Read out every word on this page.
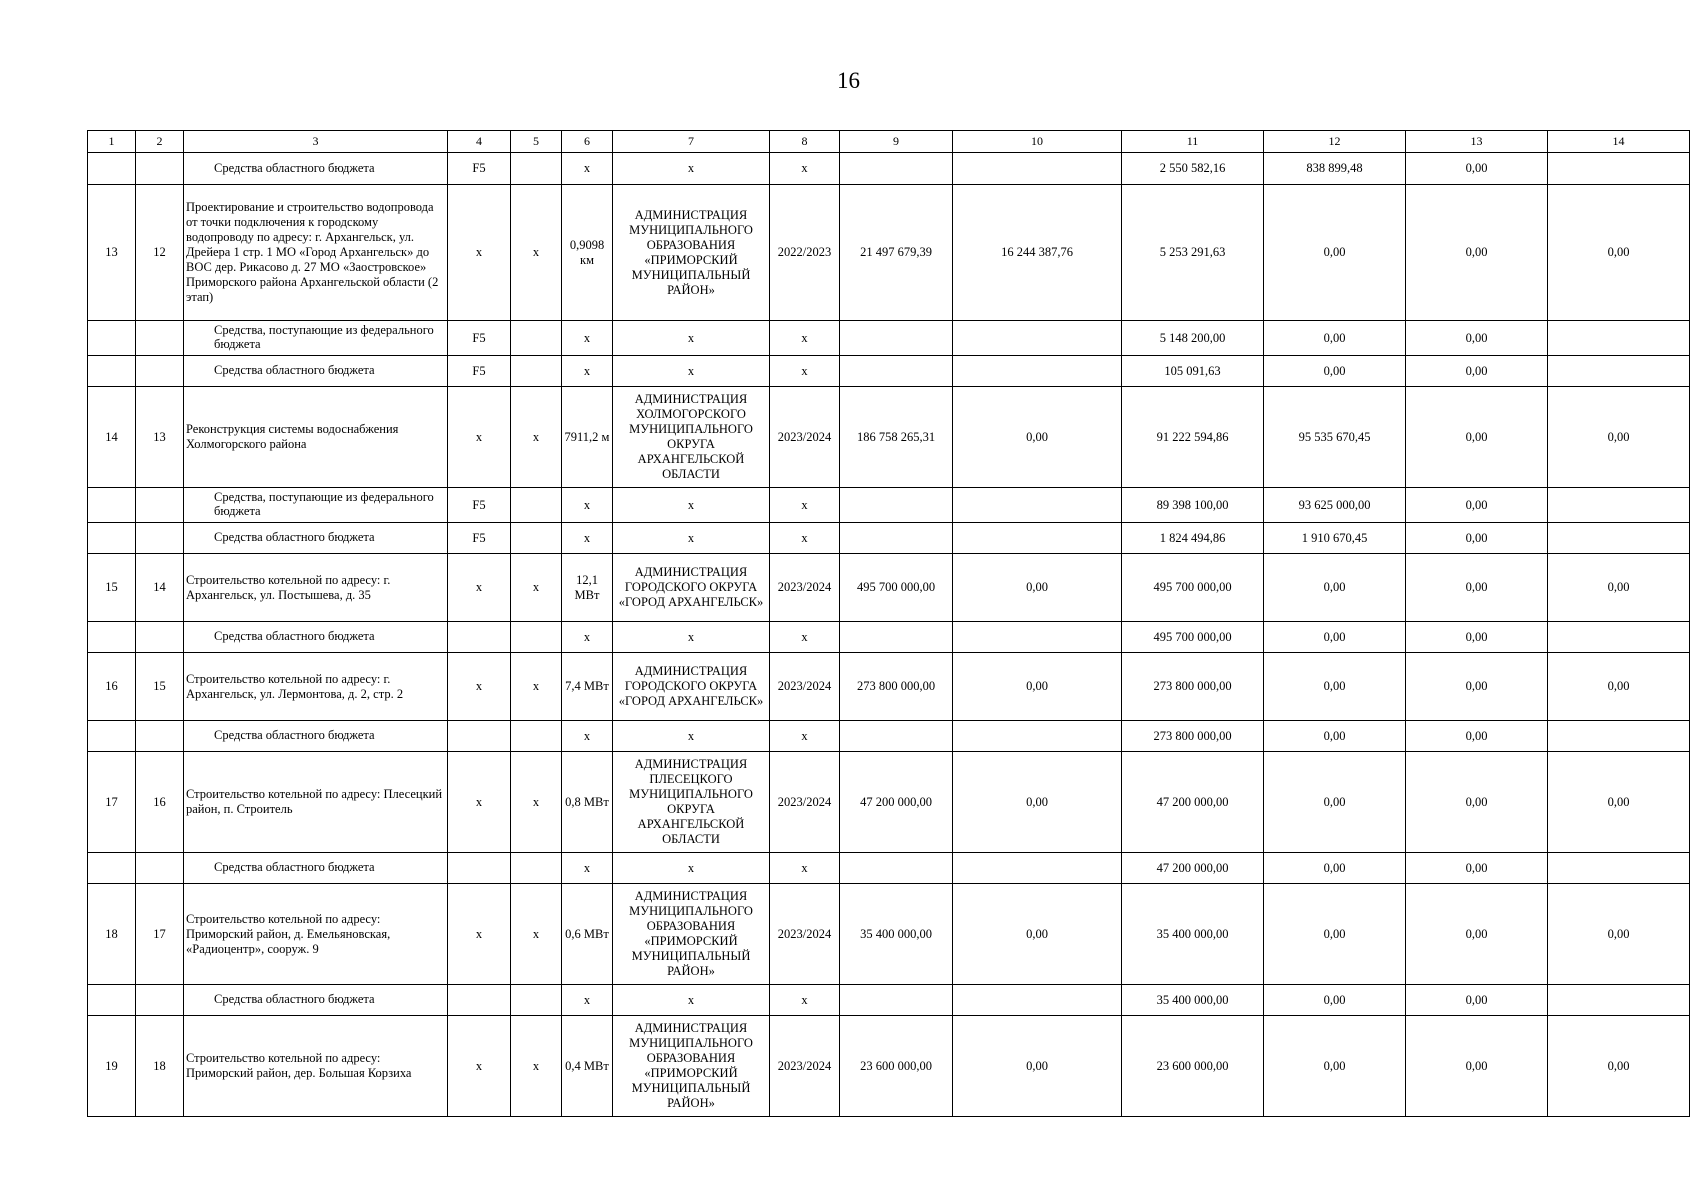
16
1	2	3	4	5	6	7	8	9	10	11	12	13	14
		Средства областного бюджета	F5		x	x	x			2 550 582,16	838 899,48	0,00	
13	12	Проектирование и строительство водопровода от точки подключения к городскому водопроводу по адресу: г. Архангельск, ул. Дрейера 1 стр. 1 МО «Город Архангельск» до ВОС дер. Рикасово д. 27 МО «Заостровское» Приморского района Архангельской области (2 этап)	x	x	0,9098 км	АДМИНИСТРАЦИЯ МУНИЦИПАЛЬНОГО ОБРАЗОВАНИЯ «ПРИМОРСКИЙ МУНИЦИПАЛЬНЫЙ РАЙОН»	2022/2023	21 497 679,39	16 244 387,76	5 253 291,63	0,00	0,00	0,00
		Средства, поступающие из федерального бюджета	F5		x	x	x			5 148 200,00	0,00	0,00	
		Средства областного бюджета	F5		x	x	x			105 091,63	0,00	0,00	
14	13	Реконструкция системы водоснабжения Холмогорского района	x	x	7911,2 м	АДМИНИСТРАЦИЯ ХОЛМОГОРСКОГО МУНИЦИПАЛЬНОГО ОКРУГА АРХАНГЕЛЬСКОЙ ОБЛАСТИ	2023/2024	186 758 265,31	0,00	91 222 594,86	95 535 670,45	0,00	0,00
		Средства, поступающие из федерального бюджета	F5		x	x	x			89 398 100,00	93 625 000,00	0,00	
		Средства областного бюджета	F5		x	x	x			1 824 494,86	1 910 670,45	0,00	
15	14	Строительство котельной по адресу: г. Архангельск, ул. Постышева, д. 35	x	x	12,1 МВт	АДМИНИСТРАЦИЯ ГОРОДСКОГО ОКРУГА «ГОРОД АРХАНГЕЛЬСК»	2023/2024	495 700 000,00	0,00	495 700 000,00	0,00	0,00	0,00
		Средства областного бюджета			x	x	x			495 700 000,00	0,00	0,00	
16	15	Строительство котельной по адресу: г. Архангельск, ул. Лермонтова, д. 2, стр. 2	x	x	7,4 МВт	АДМИНИСТРАЦИЯ ГОРОДСКОГО ОКРУГА «ГОРОД АРХАНГЕЛЬСК»	2023/2024	273 800 000,00	0,00	273 800 000,00	0,00	0,00	0,00
		Средства областного бюджета			x	x	x			273 800 000,00	0,00	0,00	
17	16	Строительство котельной по адресу: Плесецкий район, п. Строитель	x	x	0,8 МВт	АДМИНИСТРАЦИЯ ПЛЕСЕЦКОГО МУНИЦИПАЛЬНОГО ОКРУГА АРХАНГЕЛЬСКОЙ ОБЛАСТИ	2023/2024	47 200 000,00	0,00	47 200 000,00	0,00	0,00	0,00
		Средства областного бюджета			x	x	x			47 200 000,00	0,00	0,00	
18	17	Строительство котельной по адресу: Приморский район, д. Емельяновская, «Радиоцентр», сооруж. 9	x	x	0,6 МВт	АДМИНИСТРАЦИЯ МУНИЦИПАЛЬНОГО ОБРАЗОВАНИЯ «ПРИМОРСКИЙ МУНИЦИПАЛЬНЫЙ РАЙОН»	2023/2024	35 400 000,00	0,00	35 400 000,00	0,00	0,00	0,00
		Средства областного бюджета			x	x	x			35 400 000,00	0,00	0,00	
19	18	Строительство котельной по адресу: Приморский район, дер. Большая Корзиха	x	x	0,4 МВт	АДМИНИСТРАЦИЯ МУНИЦИПАЛЬНОГО ОБРАЗОВАНИЯ «ПРИМОРСКИЙ МУНИЦИПАЛЬНЫЙ РАЙОН»	2023/2024	23 600 000,00	0,00	23 600 000,00	0,00	0,00	0,00
